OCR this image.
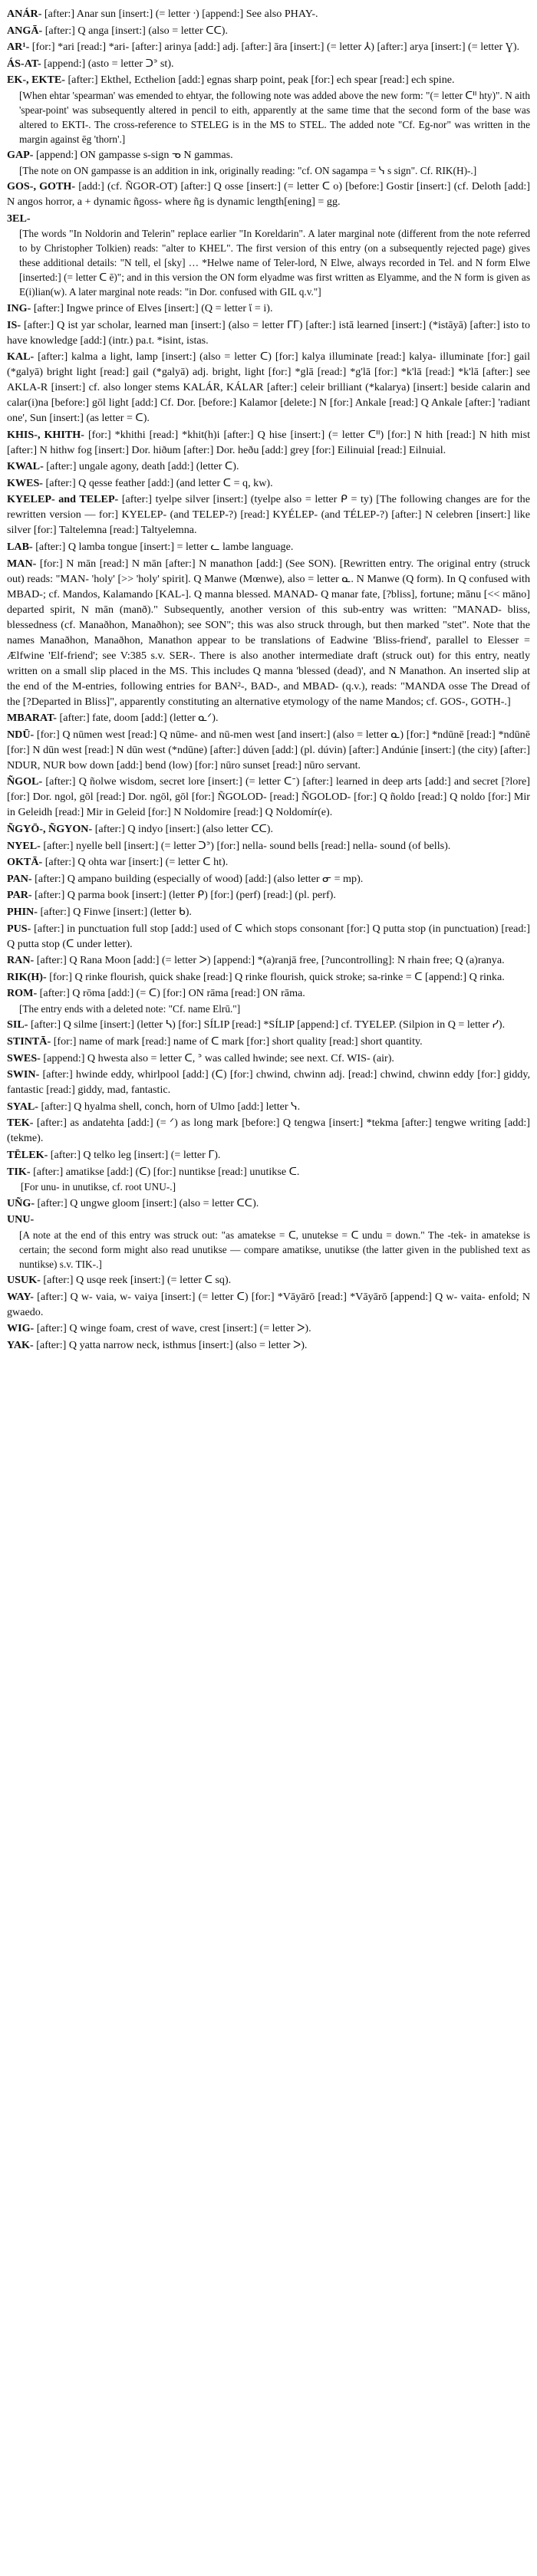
ANÁR- [after:] Anar sun [insert:] (= letter ᐧ) [append:] See also PHAY-.

ANGĀ- [after:] Q anga [insert:] (also = letter ᑕᑕ).

AR¹- [for:] *ari [read:] *ari- [after:] arinya [add:] adj. [after:] āra [insert:] (= letter ⅄) [after:] arya [insert:] (= letter Ɣ).

ÁS-AT- [append:] (asto = letter ᑐᐣ st).

EK-, EKTE- [after:] Ekthel, Ecthelion [add:] egnas sharp point, peak [for:] ech spear [read:] ech spine.

[When ehtar 'spearman' was emended to ehtyar, the following note was added above the new form: "(= letter ᑕᐦ hty)". N aith 'spear-point' was subsequently altered in pencil to eith, apparently at the same time that the second form of the base was altered to EKTI-. The cross-reference to STELEG is in the MS to STEL. The added note "Cf. Eg-nor" was written in the margin against ēg 'thorn'.]

GAP- [append:] ON gampasse s-sign ᓀ N gammas.

[The note on ON gampasse is an addition in ink, originally reading: "cf. ON sagampa = ᓭ s sign". Cf. RIK(H)-.]

GOS-, GOTH- [add:] (cf. ÑGOR-OT) [after:] Q osse [insert:] (= letter ᑕ o) [before:] Gostir [insert:] (cf. Deloth [add:] N angos horror, a + dynamic ñgoss- where ñg is dynamic length[ening] = gg.

3EL-

[The words "In Noldorin and Telerin" replace earlier "In Koreldarin". A later marginal note (different from the note referred to by Christopher Tolkien) reads: "alter to KHEL". The first version of this entry (on a subsequently rejected page) gives these additional details: "N tell, el [sky] … *Helwe name of Teler-lord, N Elwe, always recorded in Tel. and N form Elwe [inserted:] (= letter ᑕ ē)"; and in this version the ON form elyadme was first written as Elyamme, and the N form is given as E(i)lian(w). A later marginal note reads: "in Dor. confused with GIL q.v."]

ING- [after:] Ingwe prince of Elves [insert:] (Q = letter ἴ = i).

IS- [after:] Q ist yar scholar, learned man [insert:] (also = letter ᒥᒥ) [after:] istā learned [insert:] (*istāyā) [after:] isto to have knowledge [add:] (intr.) pa.t. *isint, istas.

KAL- [after:] kalma a light, lamp [insert:] (also = letter ᑕ) [for:] kalya illuminate [read:] kalya- illuminate [for:] gail (*galyā) bright light [read:] gail (*galyā) adj. bright, light [for:] *glā [read:] *g'lā [for:] *k'lā [read:] *k'lā [after:] see AKLA-R [insert:] cf. also longer stems KALÁR, KÁLAR [after:] celeir brilliant (*kalarya) [insert:] beside calarin and calar(i)na [before:] gōl light [add:] Cf. Dor. [before:] Kalamor [delete:] N [for:] Ankale [read:] Q Ankale [after:] 'radiant one', Sun [insert:] (as letter = ᑕ).

KHIS-, KHITH- [for:] *khithi [read:] *khit(h)i [after:] Q hise [insert:] (= letter ᑕᐦ) [for:] N hith [read:] N hith mist [after:] N hithw fog [insert:] Dor. hiðum [after:] Dor. heðu [add:] grey [for:] Eilinuial [read:] Eilnuial.

KWAL- [after:] ungale agony, death [add:] (letter ᑕ).

KWES- [after:] Q qesse feather [add:] (and letter ᑕ = q, kw).

KYELEP- and TELEP- [after:] tyelpe silver [insert:] (tyelpe also = letter ᑭ = ty) [The following changes are for the rewritten version — for:] KYELEP- (and TELEP-?) [read:] KYÉLEP- (and TÉLEP-?) [after:] N celebren [insert:] like silver [for:] Taltelemna [read:] Taltyelemna.

LAB- [after:] Q lamba tongue [insert:] = letter ᓚ lambe language.

MAN- [for:] N mān [read:] N mān [after:] N manathon [add:] (See SON). [Rewritten entry. The original entry (struck out) reads: "MAN- 'holy' [>> 'holy' spirit]. Q Manwe (Mœnwe), also = letter ᓇ. N Manwe (Q form). In Q confused with MBAD-; cf. Mandos, Kalamando [KAL-]. Q manna blessed. MANAD- Q manar fate, [?bliss], fortune; mānu [<< māno] departed spirit, N mān (manð)." Subsequently, another version of this sub-entry was written: "MANAD- bliss, blessedness (cf. Manaðhon, Manaðhon); see SON"; this was also struck through, but then marked "stet". Note that the names Manaðhon, Manaðhon, Manathon appear to be translations of Eadwine 'Bliss-friend', parallel to Elesser = Ælfwine 'Elf-friend'; see V:385 s.v. SER-. There is also another intermediate draft (struck out) for this entry, neatly written on a small slip placed in the MS. This includes Q manna 'blessed (dead)', and N Manathon. An inserted slip at the end of the M-entries, following entries for BAN²-, BAD-, and MBAD- (q.v.), reads: "MANDA osse The Dread of the [?Departed in Bliss]", apparently constituting an alternative etymology of the name Mandos; cf. GOS-, GOTH-.]

MBARAT- [after:] fate, doom [add:] (letter ᓇᐟ).

NDŪ- [for:] Q nūmen west [read:] Q nūme- and nū-men west [and insert:] (also = letter ᓇ) [for:] *ndūnē [read:] *ndūnē [for:] N dūn west [read:] N dūn west (*ndūne) [after:] dúven [add:] (pl. dúvin) [after:] Andúnie [insert:] (the city) [after:] NDUR, NUR bow down [add:] bend (low) [for:] nūro sunset [read:] nūro servant.

ÑGOL- [after:] Q ñolwe wisdom, secret lore [insert:] (= letter ᑕᐨ) [after:] learned in deep arts [add:] and secret [?lore] [for:] Dor. ngol, gōl [read:] Dor. ngōl, gōl [for:] ÑGOLOD- [read:] ÑGOLOD- [for:] Q ñoldo [read:] Q noldo [for:] Mir in Geleidh [read:] Mir in Geleid [for:] N Noldomire [read:] Q Noldomír(e).

ÑGYŌ-, ÑGYON- [after:] Q indyo [insert:] (also letter ᑕᑕ).

NYEL- [after:] nyelle bell [insert:] (= letter ᑐᐣ) [for:] nella- sound bells [read:] nella- sound (of bells).

OKTĀ- [after:] Q ohta war [insert:] (= letter ᑕ ht).

PAN- [after:] Q ampano building (especially of wood) [add:] (also letter ᓂ = mp).

PAR- [after:] Q parma book [insert:] (letter ᑭ) [for:] (perf) [read:] (pl. perf).

PHIN- [after:] Q Finwe [insert:] (letter ᑲ).

PUS- [after:] in punctuation full stop [add:] used of ᑕ which stops consonant [for:] Q putta stop (in punctuation) [read:] Q putta stop (ᑕ under letter).

RAN- [after:] Q Rana Moon [add:] (= letter ᐳ) [append:] *(a)ranjā free, [?uncontrolling]: N rhain free; Q (a)ranya.

RIK(H)- [for:] Q rinke flourish, quick shake [read:] Q rinke flourish, quick stroke; sa-rinke = ᑕ [append:] Q rinka.

ROM- [after:] Q rōma [add:] (= ᑕ) [for:] ON rāma [read:] ON rāma.

[The entry ends with a deleted note: "Cf. name Elrū."]

SIL- [after:] Q silme [insert:] (letter ᓴ) [for:] SÍLIP [read:] *SÍLIP [append:] cf. TYELEP. (Silpion in Q = letter ᓯ).

STINTĀ- [for:] name of mark [read:] name of ᑕ mark [for:] short quality [read:] short quantity.

SWES- [append:] Q hwesta also = letter ᑕ, ᐣ was called hwinde; see next. Cf. WIS- (air).

SWIN- [after:] hwinde eddy, whirlpool [add:] (ᑕ) [for:] chwind, chwinn adj. [read:] chwind, chwinn eddy [for:] giddy, fantastic [read:] giddy, mad, fantastic.

SYAL- [after:] Q hyalma shell, conch, horn of Ulmo [add:] letter ᓭ.

TEK- [after:] as andatehta [add:] (= ᐟ) as long mark [before:] Q tengwa [insert:] *tekma [after:] tengwe writing [add:] (tekme).

TĒLEK- [after:] Q telko leg [insert:] (= letter ᒥ).

TIK- [after:] amatikse [add:] (ᑕ) [for:] nuntikse [read:] unutikse ᑕ.

[For unu- in unutikse, cf. root UNU-.]

UÑG- [after:] Q ungwe gloom [insert:] (also = letter ᑕᑕ).

UNU-

[A note at the end of this entry was struck out: "as amatekse = ᑕ, unutekse = ᑕ undu = down." The -tek- in amatekse is certain; the second form might also read unutikse — compare amatikse, unutikse (the latter given in the published text as nuntikse) s.v. TIK-.]

USUK- [after:] Q usqe reek [insert:] (= letter ᑕ sq).

WAY- [after:] Q w- vaia, w- vaiya [insert:] (= letter ᑕ) [for:] *Vāyārō [read:] *Vāyārō [append:] Q w- vaita- enfold; N gwaedo.

WIG- [after:] Q winge foam, crest of wave, crest [insert:] (= letter ᐳ).

YAK- [after:] Q yatta narrow neck, isthmus [insert:] (also = letter ᐳ).
